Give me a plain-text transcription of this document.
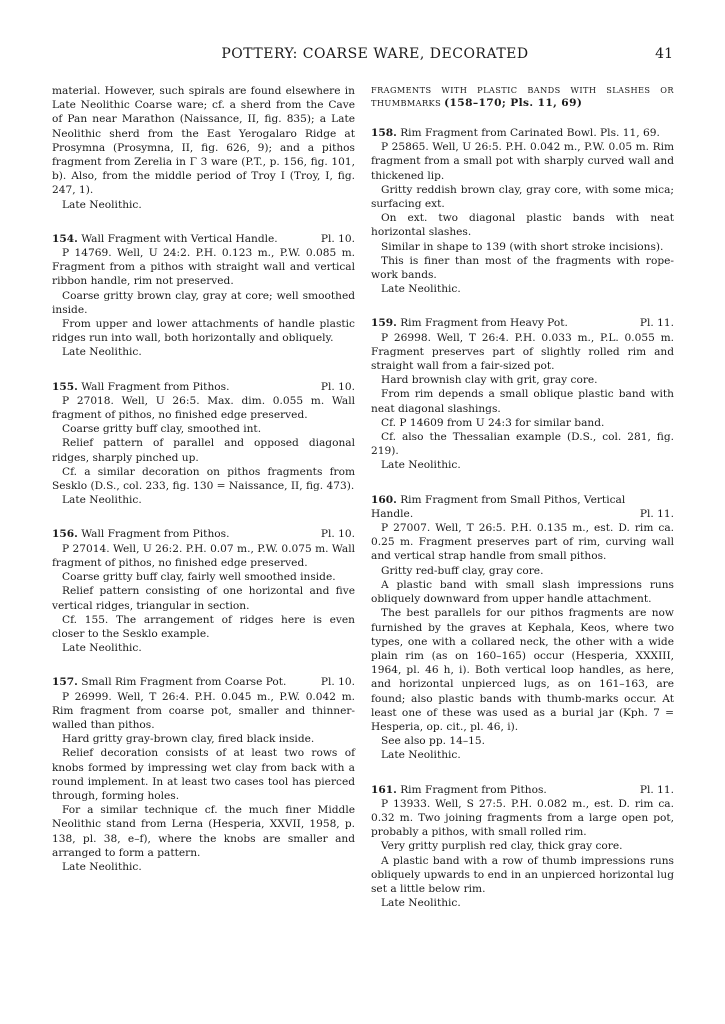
POTTERY: COARSE WARE, DECORATED	41

material. However, such spirals are found elsewhere in Late Neolithic Coarse ware; cf. a sherd from the Cave of Pan near Marathon (Naissance, II, fig. 835); a Late Neolithic sherd from the East Yerogalaro Ridge at Prosymna (Prosymna, II, fig. 626, 9); and a pithos fragment from Zerelia in Γ 3 ware (P.T., p. 156, fig. 101, b). Also, from the middle period of Troy I (Troy, I, fig. 247, 1).

Late Neolithic.

154. Wall Fragment with Vertical Handle.	Pl. 10.

P 14769. Well, U 24:2. P.H. 0.123 m., P.W. 0.085 m. Fragment from a pithos with straight wall and vertical ribbon handle, rim not preserved.

Coarse gritty brown clay, gray at core; well smoothed inside.

From upper and lower attachments of handle plastic ridges run into wall, both horizontally and obliquely.

Late Neolithic.

155. Wall Fragment from Pithos.	Pl. 10.

P 27018. Well, U 26:5. Max. dim. 0.055 m. Wall fragment of pithos, no finished edge preserved.

Coarse gritty buff clay, smoothed int.

Relief pattern of parallel and opposed diagonal ridges, sharply pinched up.

Cf. a similar decoration on pithos fragments from Sesklo (D.S., col. 233, fig. 130 = Naissance, II, fig. 473).

Late Neolithic.

156. Wall Fragment from Pithos.	Pl. 10.

P 27014. Well, U 26:2. P.H. 0.07 m., P.W. 0.075 m. Wall fragment of pithos, no finished edge preserved.

Coarse gritty buff clay, fairly well smoothed inside.

Relief pattern consisting of one horizontal and five vertical ridges, triangular in section.

Cf. 155. The arrangement of ridges here is even closer to the Sesklo example.

Late Neolithic.

157. Small Rim Fragment from Coarse Pot.	Pl. 10.

P 26999. Well, T 26:4. P.H. 0.045 m., P.W. 0.042 m. Rim fragment from coarse pot, smaller and thinner-walled than pithos.

Hard gritty gray-brown clay, fired black inside.

Relief decoration consists of at least two rows of knobs formed by impressing wet clay from back with a round implement. In at least two cases tool has pierced through, forming holes.

For a similar technique cf. the much finer Middle Neolithic stand from Lerna (Hesperia, XXVII, 1958, p. 138, pl. 38, e–f), where the knobs are smaller and arranged to form a pattern.

Late Neolithic.

FRAGMENTS WITH PLASTIC BANDS WITH SLASHES OR THUMBMARKS (158–170; Pls. 11, 69)

158. Rim Fragment from Carinated Bowl. Pls. 11, 69.

P 25865. Well, U 26:5. P.H. 0.042 m., P.W. 0.05 m. Rim fragment from a small pot with sharply curved wall and thickened lip.

Gritty reddish brown clay, gray core, with some mica; surfacing ext.

On ext. two diagonal plastic bands with neat horizontal slashes.

Similar in shape to 139 (with short stroke incisions).

This is finer than most of the fragments with rope-work bands.

Late Neolithic.

159. Rim Fragment from Heavy Pot.	Pl. 11.

P 26998. Well, T 26:4. P.H. 0.033 m., P.L. 0.055 m. Fragment preserves part of slightly rolled rim and straight wall from a fair-sized pot.

Hard brownish clay with grit, gray core.

From rim depends a small oblique plastic band with neat diagonal slashings.

Cf. P 14609 from U 24:3 for similar band.

Cf. also the Thessalian example (D.S., col. 281, fig. 219).

Late Neolithic.

160. Rim Fragment from Small Pithos, Vertical Handle.	Pl. 11.

P 27007. Well, T 26:5. P.H. 0.135 m., est. D. rim ca. 0.25 m. Fragment preserves part of rim, curving wall and vertical strap handle from small pithos.

Gritty red-buff clay, gray core.

A plastic band with small slash impressions runs obliquely downward from upper handle attachment.

The best parallels for our pithos fragments are now furnished by the graves at Kephala, Keos, where two types, one with a collared neck, the other with a wide plain rim (as on 160–165) occur (Hesperia, XXXIII, 1964, pl. 46 h, i). Both vertical loop handles, as here, and horizontal unpierced lugs, as on 161–163, are found; also plastic bands with thumb-marks occur. At least one of these was used as a burial jar (Kph. 7 = Hesperia, op. cit., pl. 46, i).

See also pp. 14–15.

Late Neolithic.

161. Rim Fragment from Pithos.	Pl. 11.

P 13933. Well, S 27:5. P.H. 0.082 m., est. D. rim ca. 0.32 m. Two joining fragments from a large open pot, probably a pithos, with small rolled rim.

Very gritty purplish red clay, thick gray core.

A plastic band with a row of thumb impressions runs obliquely upwards to end in an unpierced horizontal lug set a little below rim.

Late Neolithic.
